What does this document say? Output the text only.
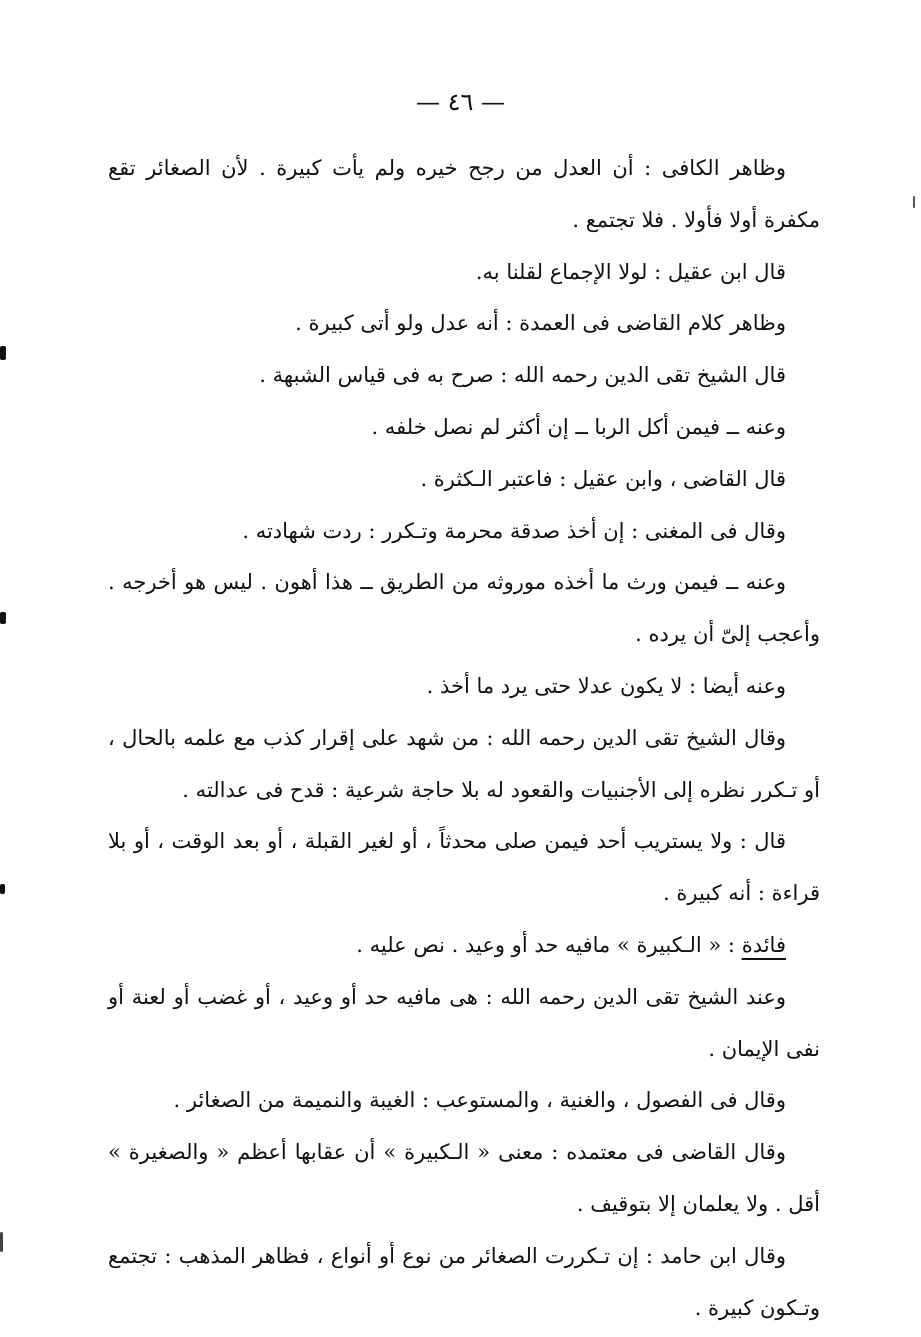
— ٤٦ —

وظاهر الكافى : أن العدل من رجح خيره ولم يأت كبيرة . لأن الصغائر تقع مكفرة أولا فأولا . فلا تجتمع .

قال ابن عقيل : لولا الإجماع لقلنا به.

وظاهر كلام القاضى فى العمدة : أنه عدل ولو أتى كبيرة .

قال الشيخ تقى الدين رحمه الله : صرح به فى قياس الشبهة .

وعنه ــ فيمن أكل الربا ــ إن أكثر لم نصل خلفه .

قال القاضى ، وابن عقيل : فاعتبر الـكثرة .

وقال فى المغنى : إن أخذ صدقة محرمة وتـكرر : ردت شهادته .

وعنه ــ فيمن ورث ما أخذه موروثه من الطريق ــ هذا أهون . ليس هو أخرجه . وأعجب إلىّ أن يرده .

وعنه أيضا : لا يكون عدلا حتى يرد ما أخذ .

وقال الشيخ تقى الدين رحمه الله : من شهد على إقرار كذب مع علمه بالحال ، أو تـكرر نظره إلى الأجنبيات والقعود له بلا حاجة شرعية : قدح فى عدالته .

قال : ولا يستريب أحد فيمن صلى محدثاً ، أو لغير القبلة ، أو بعد الوقت ، أو بلا قراءة : أنه كبيرة .

فائدة : « الـكبيرة » مافيه حد أو وعيد . نص عليه .

وعند الشيخ تقى الدين رحمه الله : هى مافيه حد أو وعيد ، أو غضب أو لعنة أو نفى الإيمان .

وقال فى الفصول ، والغنية ، والمستوعب : الغيبة والنميمة من الصغائر .

وقال القاضى فى معتمده : معنى « الـكبيرة » أن عقابها أعظم « والصغيرة » أقل . ولا يعلمان إلا بتوقيف .

وقال ابن حامد : إن تـكررت الصغائر من نوع أو أنواع ، فظاهر المذهب : تجتمع وتـكون كبيرة .
